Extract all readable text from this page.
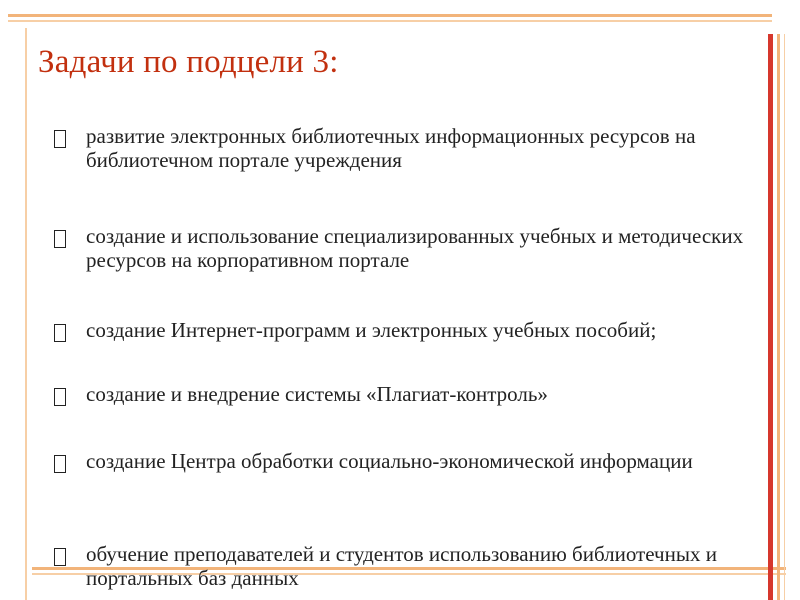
Задачи по подцели 3:
развитие электронных библиотечных информационных ресурсов на библиотечном портале учреждения
создание и использование специализированных учебных и методических ресурсов на корпоративном портале
создание Интернет-программ и электронных учебных пособий;
создание и внедрение системы «Плагиат-контроль»
создание Центра обработки социально-экономической информации
обучение преподавателей и студентов использованию библиотечных и портальных баз данных
